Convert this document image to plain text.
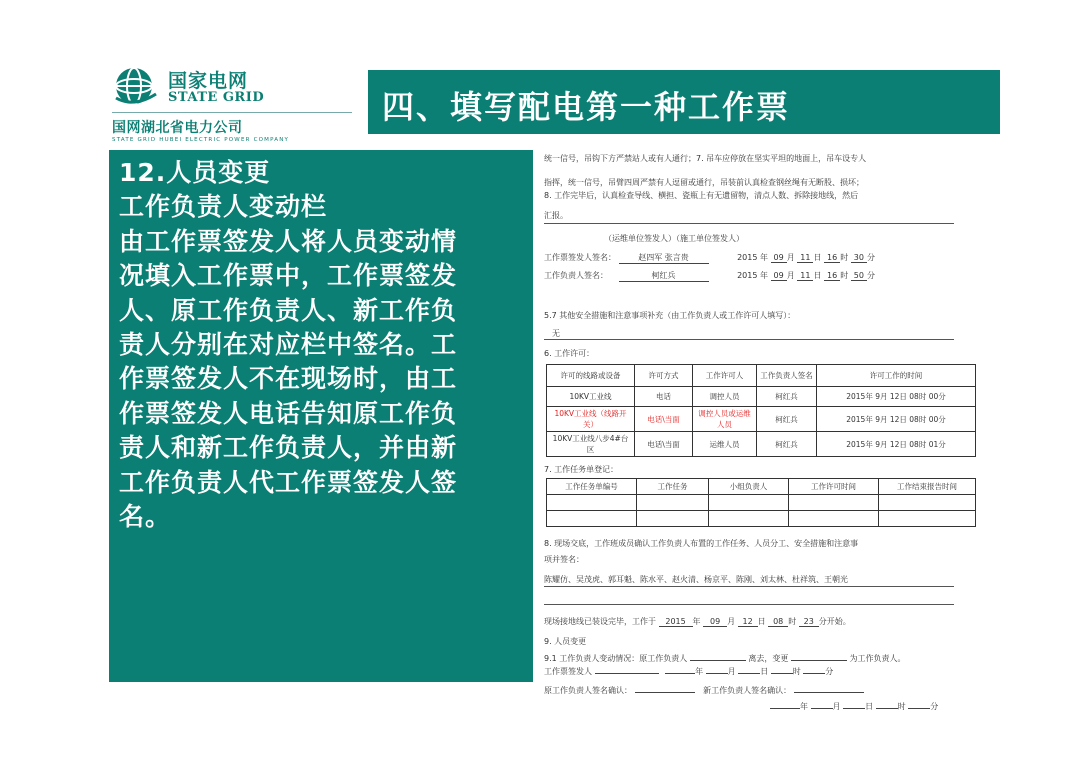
国家电网
STATE GRID
国网湖北省电力公司
STATE GRID HUBEI ELECTRIC POWER COMPANY
四、填写配电第一种工作票
12.人员变更
工作负责人变动栏
由工作票签发人将人员变动情
况填入工作票中，工作票签发
人、原工作负责人、新工作负
责人分别在对应栏中签名。工
作票签发人不在现场时，由工
作票签发人电话告知原工作负
责人和新工作负责人，并由新
工作负责人代工作票签发人签
名。
统一信号，吊钩下方严禁站人或有人通行；7. 吊车应停放在坚实平坦的地面上，吊车设专人
指挥，统一信号，吊臂四周严禁有人逗留或通行，吊装前认真检查钢丝绳有无断股、损坏；
8. 工作完毕后，认真检查导线、横担、瓷瓶上有无遗留物，清点人数、拆除接地线，然后
汇报。
（运维单位签发人）（施工单位签发人）
工作票签发人签名：	赵四军 张言贵	2015 年 09 月 11 日 16 时 30 分
工作负责人签名：	柯红兵	2015 年 09 月 11 日 16 时 50 分
5.7 其他安全措施和注意事项补充（由工作负责人或工作许可人填写）：
无
6. 工作许可：
许可的线路或设备	许可方式	工作许可人	工作负责人签名	许可工作的时间
10KV工业线	电话	调控人员	柯红兵	2015年 9月 12日 08时 00分
10KV工业线（线路开关）	电话\当面	调控人员或运维人员	柯红兵	2015年 9月 12日 08时 00分
10KV工业线八步4#台区	电话\当面	运维人员	柯红兵	2015年 9月 12日 08时 01分
7. 工作任务单登记：
工作任务单编号	工作任务	小组负责人	工作许可时间	工作结束报告时间

8. 现场交底，工作班成员确认工作负责人布置的工作任务、人员分工、安全措施和注意事
项并签名：
陈耀仿、吴茂虎、郭耳魁、陈水平、赵火清、杨京平、陈刚、刘太林、杜祥筑、王朝光
现场接地线已装设完毕，工作于 2015 年 09 月 12 日 08 时 23 分开始。
9. 人员变更
9.1 工作负责人变动情况：原工作负责人	离去，变更	为工作负责人。
工作票签发人	年	月	日	时	分
原工作负责人签名确认：	新工作负责人签名确认：
年	月	日	时	分
